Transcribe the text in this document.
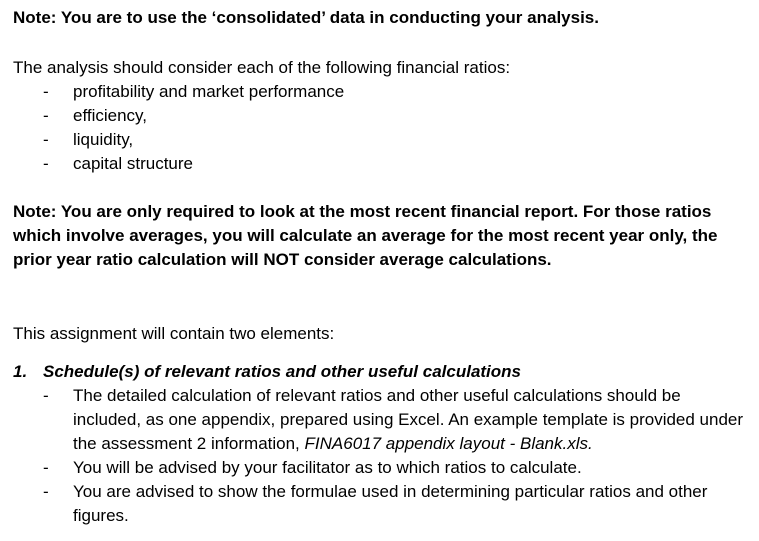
Note: You are to use the ‘consolidated’ data in conducting your analysis.

The analysis should consider each of the following financial ratios:

- profitability and market performance
- efficiency,
- liquidity,
- capital structure

Note: You are only required to look at the most recent financial report. For those ratios which involve averages, you will calculate an average for the most recent year only, the prior year ratio calculation will NOT consider average calculations.

This assignment will contain two elements:

1. Schedule(s) of relevant ratios and other useful calculations

- The detailed calculation of relevant ratios and other useful calculations should be included, as one appendix, prepared using Excel. An example template is provided under the assessment 2 information, FINA6017 appendix layout - Blank.xls.
- You will be advised by your facilitator as to which ratios to calculate.
- You are advised to show the formulae used in determining particular ratios and other figures.
